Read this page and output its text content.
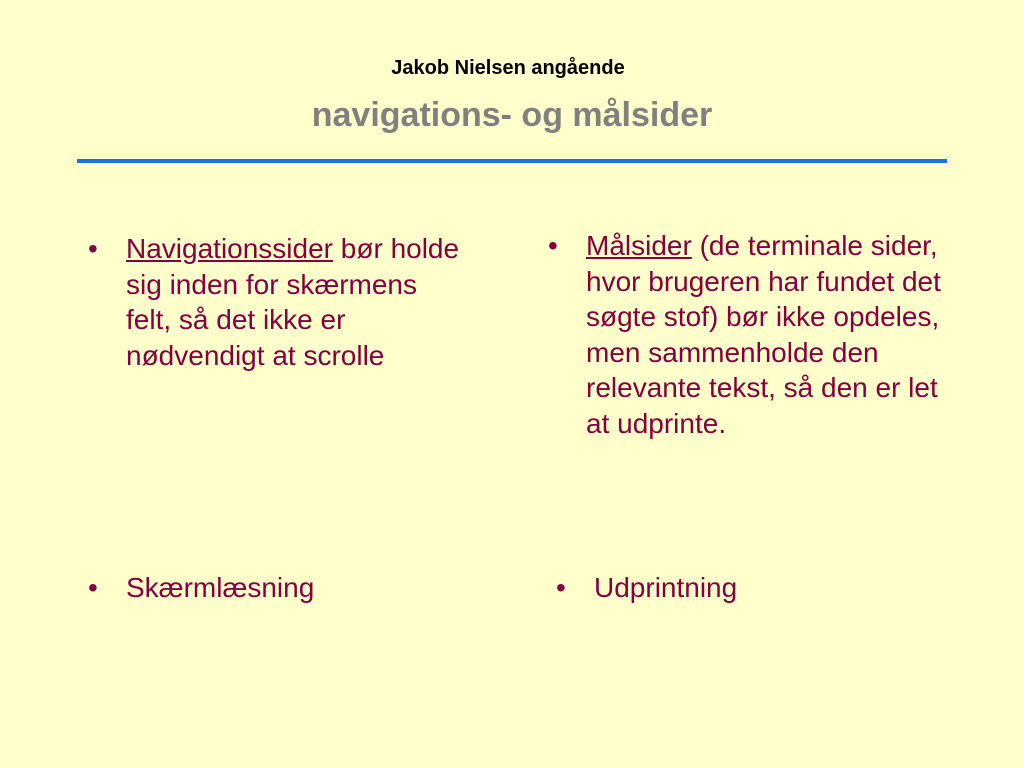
Jakob Nielsen angående
navigations- og målsider
• Navigationssider bør holde sig inden for skærmens felt, så det ikke er nødvendigt at scrolle
• Målsider (de terminale sider, hvor brugeren har fundet det søgte stof) bør ikke opdeles, men sammenholde den relevante tekst, så den er let at udprinte.
• Skærmlæsning	• Udprintning
